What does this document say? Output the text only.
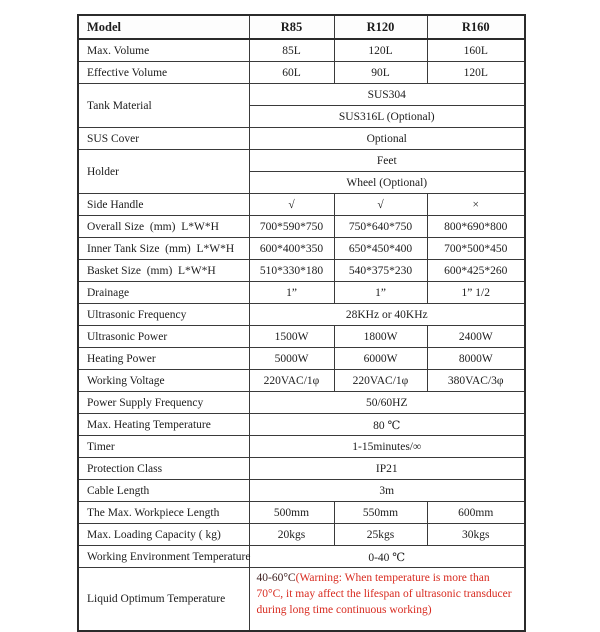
Model	R85	R120	R160
Max. Volume	85L	120L	160L
Effective Volume	60L	90L	120L
Tank Material	SUS304		
	SUS316L (Optional)		
SUS Cover	Optional		
Holder	Feet		
	Wheel (Optional)		
Side Handle	√	√	×
Overall Size (mm) L*W*H	700*590*750	750*640*750	800*690*800
Inner Tank Size (mm) L*W*H	600*400*350	650*450*400	700*500*450
Basket Size (mm) L*W*H	510*330*180	540*375*230	600*425*260
Drainage	1”	1”	1” 1/2
Ultrasonic Frequency	28KHz or 40KHz		
Ultrasonic Power	1500W	1800W	2400W
Heating Power	5000W	6000W	8000W
Working Voltage	220VAC/1φ	220VAC/1φ	380VAC/3φ
Power Supply Frequency	50/60HZ		
Max. Heating Temperature	80 ℃		
Timer	1-15minutes/∞		
Protection Class	IP21		
Cable Length	3m		
The Max. Workpiece Length	500mm	550mm	600mm
Max. Loading Capacity ( kg)	20kgs	25kgs	30kgs
Working Environment Temperature	0-40 ℃		
Liquid Optimum Temperature	40-60°C(Warning: When temperature is more than 70°C, it may affect the lifespan of ultrasonic transducer during long time continuous working)		
